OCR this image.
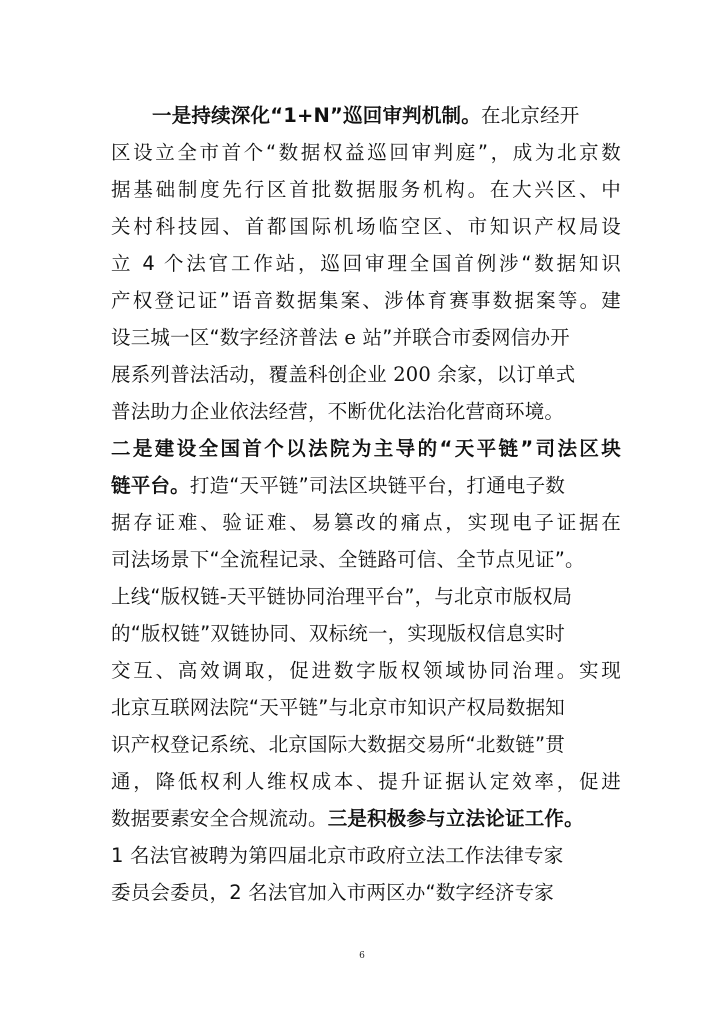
一是持续深化“1+N”巡回审判机制。在北京经开
区设立全市首个“数据权益巡回审判庭”，成为北京数
据基础制度先行区首批数据服务机构。在大兴区、中
关村科技园、首都国际机场临空区、市知识产权局设
立 4 个法官工作站，巡回审理全国首例涉“数据知识
产权登记证”语音数据集案、涉体育赛事数据案等。建
设三城一区“数字经济普法 e 站”并联合市委网信办开
展系列普法活动，覆盖科创企业 200 余家，以订单式
普法助力企业依法经营，不断优化法治化营商环境。
二是建设全国首个以法院为主导的“天平链”司法区块
链平台。打造“天平链”司法区块链平台，打通电子数
据存证难、验证难、易篡改的痛点，实现电子证据在
司法场景下“全流程记录、全链路可信、全节点见证”。
上线“版权链-天平链协同治理平台”，与北京市版权局
的“版权链”双链协同、双标统一，实现版权信息实时
交互、高效调取，促进数字版权领域协同治理。实现
北京互联网法院“天平链”与北京市知识产权局数据知
识产权登记系统、北京国际大数据交易所“北数链”贯
通，降低权利人维权成本、提升证据认定效率，促进
数据要素安全合规流动。三是积极参与立法论证工作。
1 名法官被聘为第四届北京市政府立法工作法律专家
委员会委员，2 名法官加入市两区办“数字经济专家
6
